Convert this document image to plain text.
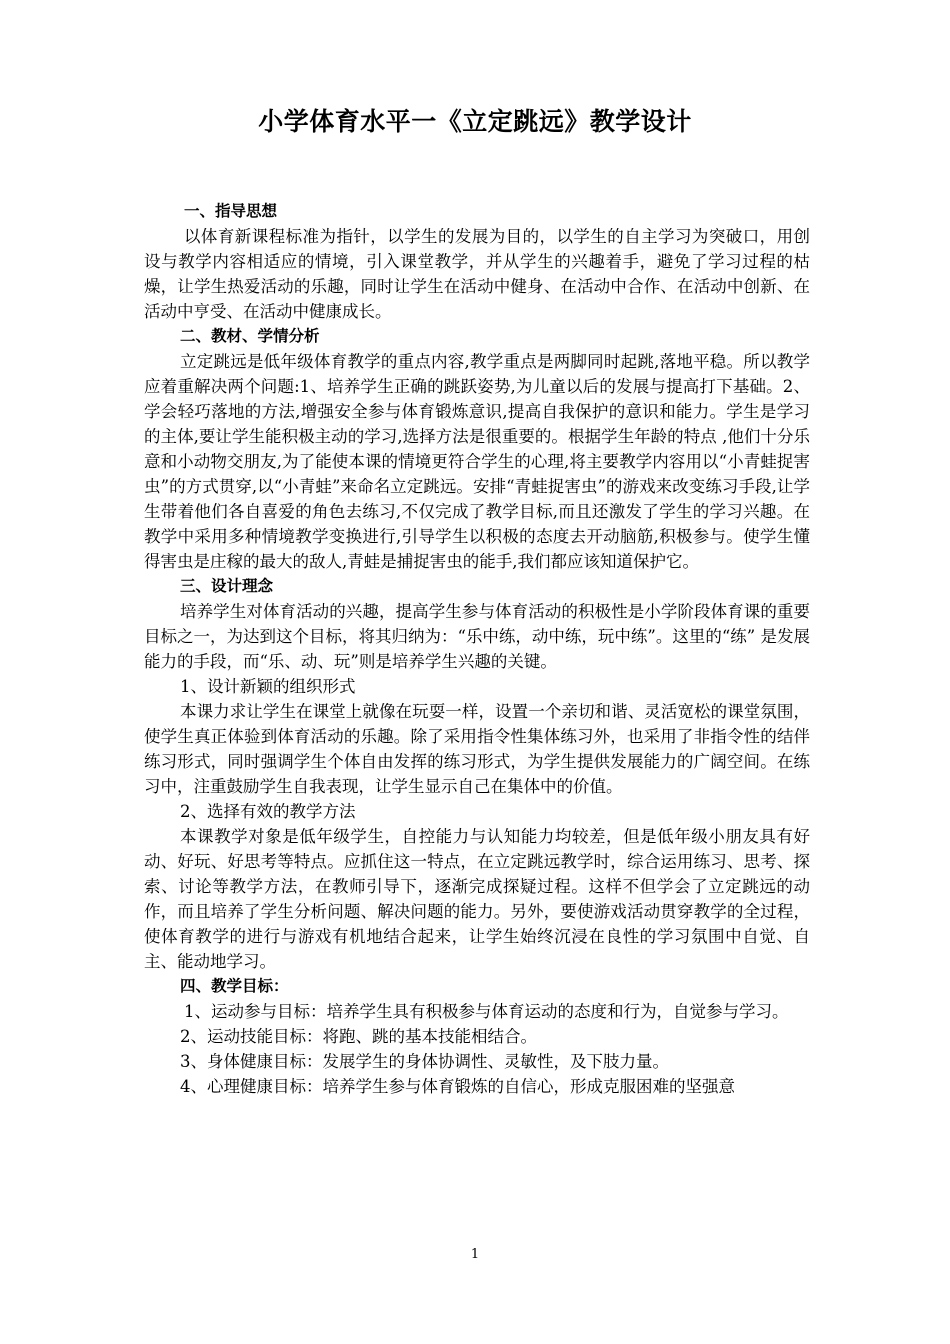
小学体育水平一《立定跳远》教学设计

一、指导思想

以体育新课程标准为指针，以学生的发展为目的，以学生的自主学习为突破口，用创设与教学内容相适应的情境，引入课堂教学，并从学生的兴趣着手，避免了学习过程的枯燥，让学生热爱活动的乐趣，同时让学生在活动中健身、在活动中合作、在活动中创新、在活动中亨受、在活动中健康成长。

二、教材、学情分析

立定跳远是低年级体育教学的重点内容,教学重点是两脚同时起跳,落地平稳。所以教学应着重解决两个问题:1、培养学生正确的跳跃姿势,为儿童以后的发展与提高打下基础。2、学会轻巧落地的方法,增强安全参与体育锻炼意识,提高自我保护的意识和能力。学生是学习的主体,要让学生能积极主动的学习,选择方法是很重要的。根据学生年龄的特点 ,他们十分乐意和小动物交朋友,为了能使本课的情境更符合学生的心理,将主要教学内容用以“小青蛙捉害虫”的方式贯穿,以“小青蛙”来命名立定跳远。安排“青蛙捉害虫”的游戏来改变练习手段,让学生带着他们各自喜爱的角色去练习,不仅完成了教学目标,而且还激发了学生的学习兴趣。在教学中采用多种情境教学变换进行,引导学生以积极的态度去开动脑筋,积极参与。使学生懂得害虫是庄稼的最大的敌人,青蛙是捕捉害虫的能手,我们都应该知道保护它。

三、设计理念

培养学生对体育活动的兴趣，提高学生参与体育活动的积极性是小学阶段体育课的重要目标之一，为达到这个目标，将其归纳为：“乐中练，动中练，玩中练”。这里的“练” 是发展能力的手段，而“乐、动、玩”则是培养学生兴趣的关键。

1、设计新颖的组织形式

本课力求让学生在课堂上就像在玩耍一样，设置一个亲切和谐、灵活宽松的课堂氛围，使学生真正体验到体育活动的乐趣。除了采用指令性集体练习外，也采用了非指令性的结伴练习形式，同时强调学生个体自由发挥的练习形式，为学生提供发展能力的广阔空间。在练习中，注重鼓励学生自我表现，让学生显示自己在集体中的价值。

2、选择有效的教学方法

本课教学对象是低年级学生，自控能力与认知能力均较差，但是低年级小朋友具有好动、好玩、好思考等特点。应抓住这一特点，在立定跳远教学时，综合运用练习、思考、探索、讨论等教学方法，在教师引导下，逐渐完成探疑过程。这样不但学会了立定跳远的动作，而且培养了学生分析问题、解决问题的能力。另外，要使游戏活动贯穿教学的全过程，使体育教学的进行与游戏有机地结合起来，让学生始终沉浸在良性的学习氛围中自觉、自主、能动地学习。

四、教学目标：

1、运动参与目标：培养学生具有积极参与体育运动的态度和行为，自觉参与学习。

2、运动技能目标：将跑、跳的基本技能相结合。

3、身体健康目标：发展学生的身体协调性、灵敏性，及下肢力量。

4、心理健康目标：培养学生参与体育锻炼的自信心，形成克服困难的坚强意

1
